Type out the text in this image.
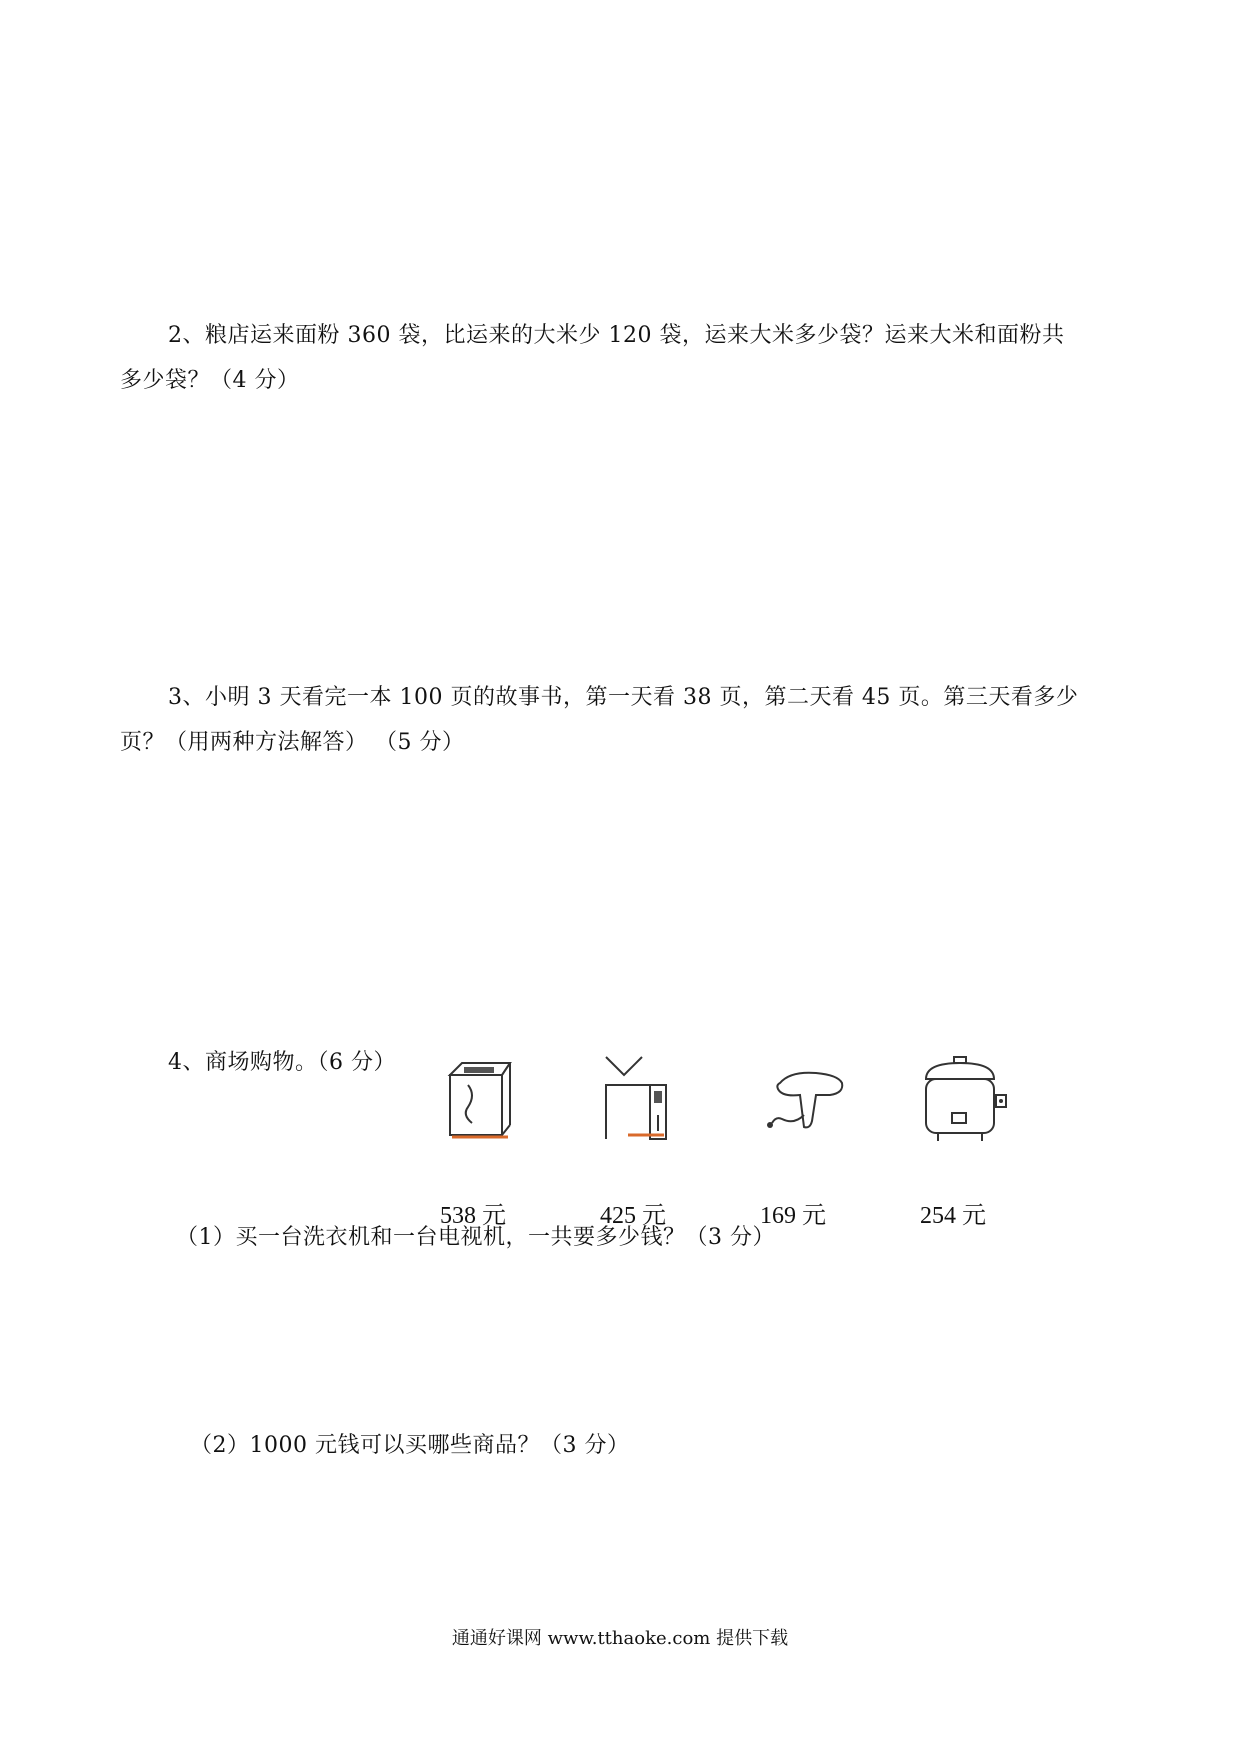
2、粮店运来面粉 360 袋，比运来的大米少 120 袋，运来大米多少袋？运来大米和面粉共
多少袋？（4 分）
3、小明 3 天看完一本 100 页的故事书，第一天看 38 页，第二天看 45 页。第三天看多少
页？（用两种方法解答） （5 分）
4、商场购物。（6 分）
538 元	425 元	169 元	254 元
（1）买一台洗衣机和一台电视机，一共要多少钱？（3 分）
（2）1000 元钱可以买哪些商品？（3 分）
通通好课网 www.tthaoke.com 提供下载
